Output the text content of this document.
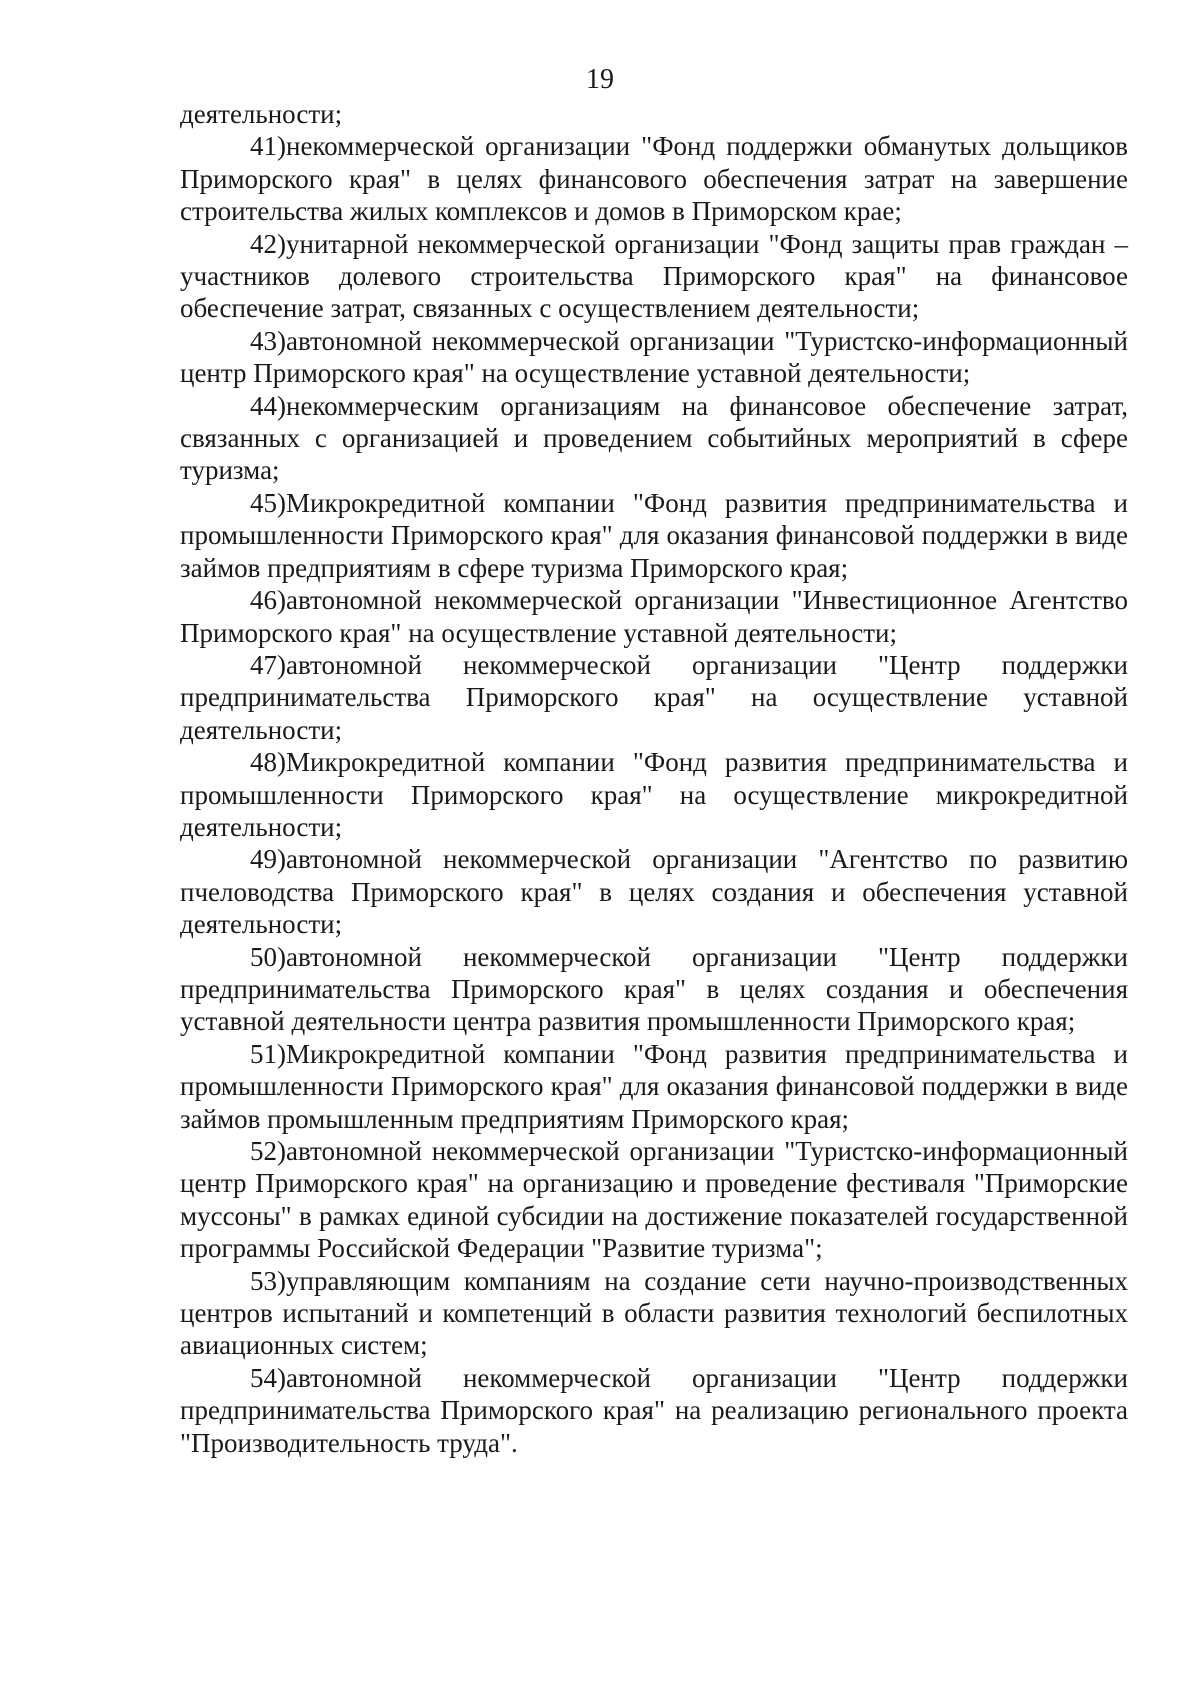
19

деятельности;

41)некоммерческой организации "Фонд поддержки обманутых дольщиков Приморского края" в целях финансового обеспечения затрат на завершение строительства жилых комплексов и домов в Приморском крае;

42)унитарной некоммерческой организации "Фонд защиты прав граждан – участников долевого строительства Приморского края" на финансовое обеспечение затрат, связанных с осуществлением деятельности;

43)автономной некоммерческой организации "Туристско-информационный центр Приморского края" на осуществление уставной деятельности;

44)некоммерческим организациям на финансовое обеспечение затрат, связанных с организацией и проведением событийных мероприятий в сфере туризма;

45)Микрокредитной компании "Фонд развития предпринимательства и промышленности Приморского края" для оказания финансовой поддержки в виде займов предприятиям в сфере туризма Приморского края;

46)автономной некоммерческой организации "Инвестиционное Агентство Приморского края" на осуществление уставной деятельности;

47)автономной некоммерческой организации "Центр поддержки предпринимательства Приморского края" на осуществление уставной деятельности;

48)Микрокредитной компании "Фонд развития предпринимательства и промышленности Приморского края" на осуществление микрокредитной деятельности;

49)автономной некоммерческой организации "Агентство по развитию пчеловодства Приморского края" в целях создания и обеспечения уставной деятельности;

50)автономной некоммерческой организации "Центр поддержки предпринимательства Приморского края" в целях создания и обеспечения уставной деятельности центра развития промышленности Приморского края;

51)Микрокредитной компании "Фонд развития предпринимательства и промышленности Приморского края" для оказания финансовой поддержки в виде займов промышленным предприятиям Приморского края;

52)автономной некоммерческой организации "Туристско-информационный центр Приморского края" на организацию и проведение фестиваля "Приморские муссоны" в рамках единой субсидии на достижение показателей государственной программы Российской Федерации "Развитие туризма";

53)управляющим компаниям на создание сети научно-производственных центров испытаний и компетенций в области развития технологий беспилотных авиационных систем;

54)автономной некоммерческой организации "Центр поддержки предпринимательства Приморского края" на реализацию регионального проекта "Производительность труда".
